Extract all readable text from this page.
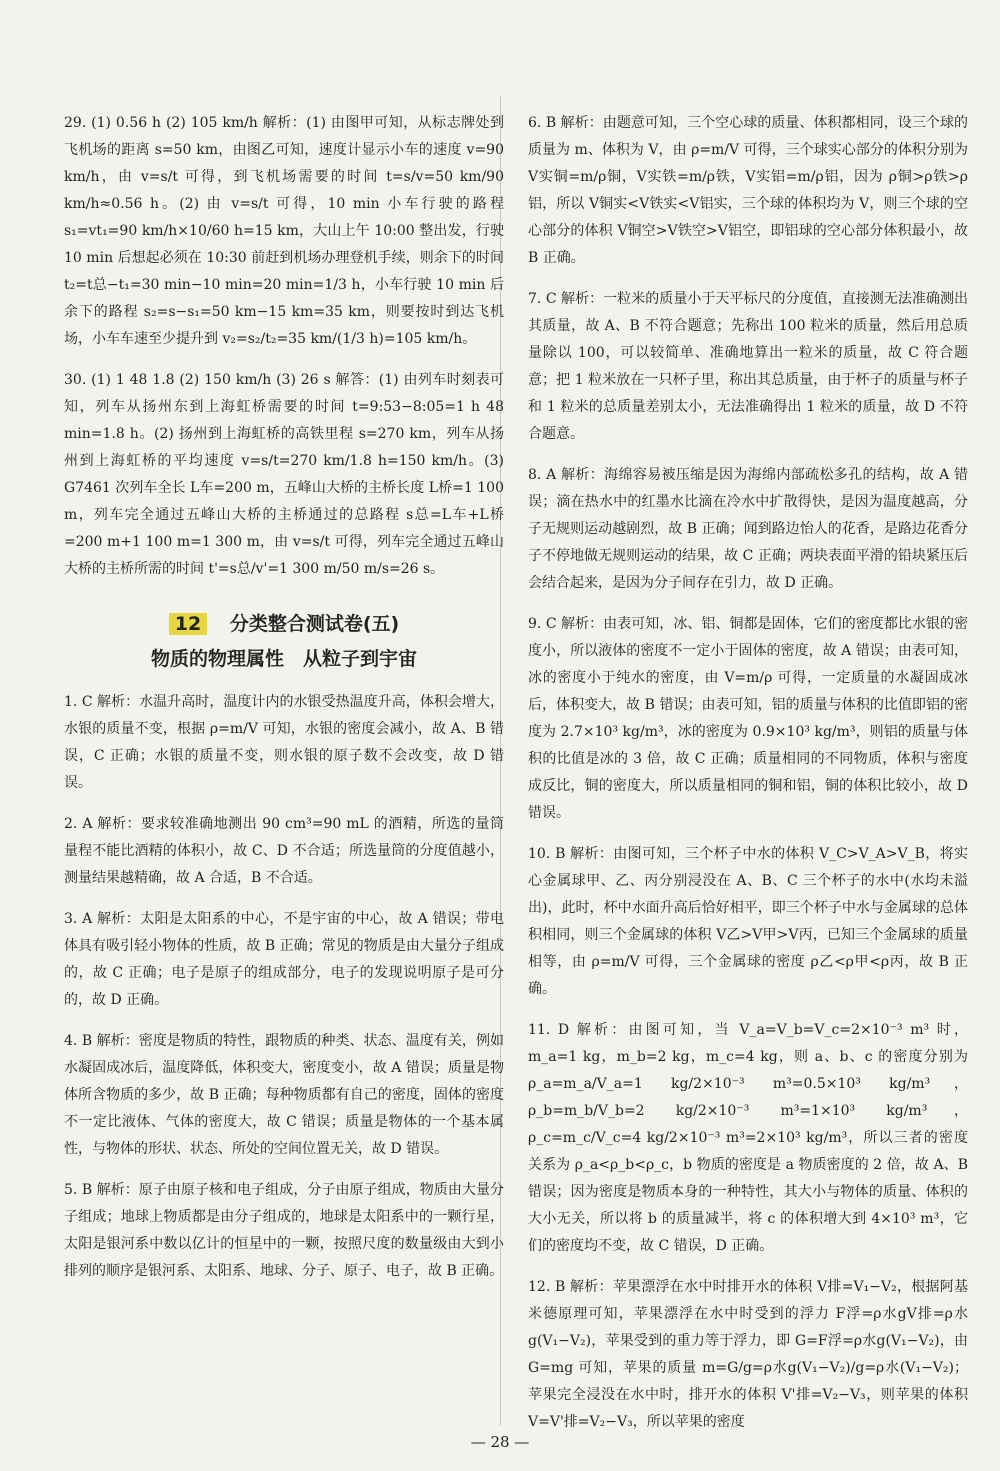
29. (1) 0.56 h (2) 105 km/h 解析：(1) 由图甲可知，从标志牌处到飞机场的距离 s=50 km，由图乙可知，速度计显示小车的速度 v=90 km/h，由 v=s/t 可得，到飞机场需要的时间 t=s/v=50 km/90 km/h≈0.56 h。(2) 由 v=s/t 可得，10 min 小车行驶的路程 s₁=vt₁=90 km/h×10/60 h=15 km，大山上午 10:00 整出发，行驶 10 min 后想起必须在 10:30 前赶到机场办理登机手续，则余下的时间 t₂=t总−t₁=30 min−10 min=20 min=1/3 h，小车行驶 10 min 后余下的路程 s₂=s−s₁=50 km−15 km=35 km，则要按时到达飞机场，小车车速至少提升到 v₂=s₂/t₂=35 km/(1/3 h)=105 km/h。

30. (1) 1 48 1.8 (2) 150 km/h (3) 26 s 解答：(1) 由列车时刻表可知，列车从扬州东到上海虹桥需要的时间 t=9:53−8:05=1 h 48 min=1.8 h。(2) 扬州到上海虹桥的高铁里程 s=270 km，列车从扬州到上海虹桥的平均速度 v=s/t=270 km/1.8 h=150 km/h。(3) G7461 次列车全长 L车=200 m，五峰山大桥的主桥长度 L桥=1 100 m，列车完全通过五峰山大桥的主桥通过的总路程 s总=L车+L桥=200 m+1 100 m=1 300 m，由 v=s/t 可得，列车完全通过五峰山大桥的主桥所需的时间 t'=s总/v'=1 300 m/50 m/s=26 s。

12 分类整合测试卷(五)
物质的物理属性　从粒子到宇宙

1. C 解析：水温升高时，温度计内的水银受热温度升高，体积会增大，水银的质量不变，根据 ρ=m/V 可知，水银的密度会减小，故 A、B 错误，C 正确；水银的质量不变，则水银的原子数不会改变，故 D 错误。

2. A 解析：要求较准确地测出 90 cm³=90 mL 的酒精，所选的量筒量程不能比酒精的体积小，故 C、D 不合适；所选量筒的分度值越小，测量结果越精确，故 A 合适，B 不合适。

3. A 解析：太阳是太阳系的中心，不是宇宙的中心，故 A 错误；带电体具有吸引轻小物体的性质，故 B 正确；常见的物质是由大量分子组成的，故 C 正确；电子是原子的组成部分，电子的发现说明原子是可分的，故 D 正确。

4. B 解析：密度是物质的特性，跟物质的种类、状态、温度有关，例如水凝固成冰后，温度降低，体积变大，密度变小，故 A 错误；质量是物体所含物质的多少，故 B 正确；每种物质都有自己的密度，固体的密度不一定比液体、气体的密度大，故 C 错误；质量是物体的一个基本属性，与物体的形状、状态、所处的空间位置无关，故 D 错误。

5. B 解析：原子由原子核和电子组成，分子由原子组成，物质由大量分子组成；地球上物质都是由分子组成的，地球是太阳系中的一颗行星，太阳是银河系中数以亿计的恒星中的一颗，按照尺度的数量级由大到小排列的顺序是银河系、太阳系、地球、分子、原子、电子，故 B 正确。

6. B 解析：由题意可知，三个空心球的质量、体积都相同，设三个球的质量为 m、体积为 V，由 ρ=m/V 可得，三个球实心部分的体积分别为 V实铜=m/ρ铜，V实铁=m/ρ铁，V实铝=m/ρ铝，因为 ρ铜>ρ铁>ρ铝，所以 V铜实<V铁实<V铝实，三个球的体积均为 V，则三个球的空心部分的体积 V铜空>V铁空>V铝空，即铝球的空心部分体积最小，故 B 正确。

7. C 解析：一粒米的质量小于天平标尺的分度值，直接测无法准确测出其质量，故 A、B 不符合题意；先称出 100 粒米的质量，然后用总质量除以 100，可以较简单、准确地算出一粒米的质量，故 C 符合题意；把 1 粒米放在一只杯子里，称出其总质量，由于杯子的质量与杯子和 1 粒米的总质量差别太小，无法准确得出 1 粒米的质量，故 D 不符合题意。

8. A 解析：海绵容易被压缩是因为海绵内部疏松多孔的结构，故 A 错误；滴在热水中的红墨水比滴在冷水中扩散得快，是因为温度越高，分子无规则运动越剧烈，故 B 正确；闻到路边怡人的花香，是路边花香分子不停地做无规则运动的结果，故 C 正确；两块表面平滑的铅块紧压后会结合起来，是因为分子间存在引力，故 D 正确。

9. C 解析：由表可知，冰、铝、铜都是固体，它们的密度都比水银的密度小，所以液体的密度不一定小于固体的密度，故 A 错误；由表可知，冰的密度小于纯水的密度，由 V=m/ρ 可得，一定质量的水凝固成冰后，体积变大，故 B 错误；由表可知，铝的质量与体积的比值即铝的密度为 2.7×10³ kg/m³，冰的密度为 0.9×10³ kg/m³，则铝的质量与体积的比值是冰的 3 倍，故 C 正确；质量相同的不同物质，体积与密度成反比，铜的密度大，所以质量相同的铜和铝，铜的体积比较小，故 D 错误。

10. B 解析：由图可知，三个杯子中水的体积 V_C>V_A>V_B，将实心金属球甲、乙、丙分别浸没在 A、B、C 三个杯子的水中(水均未溢出)，此时，杯中水面升高后恰好相平，即三个杯子中水与金属球的总体积相同，则三个金属球的体积 V乙>V甲>V丙，已知三个金属球的质量相等，由 ρ=m/V 可得，三个金属球的密度 ρ乙<ρ甲<ρ丙，故 B 正确。

11. D 解析：由图可知，当 V_a=V_b=V_c=2×10⁻³ m³ 时，m_a=1 kg，m_b=2 kg，m_c=4 kg，则 a、b、c 的密度分别为 ρ_a=m_a/V_a=1 kg/2×10⁻³ m³=0.5×10³ kg/m³，ρ_b=m_b/V_b=2 kg/2×10⁻³ m³=1×10³ kg/m³，ρ_c=m_c/V_c=4 kg/2×10⁻³ m³=2×10³ kg/m³，所以三者的密度关系为 ρ_a<ρ_b<ρ_c，b 物质的密度是 a 物质密度的 2 倍，故 A、B 错误；因为密度是物质本身的一种特性，其大小与物体的质量、体积的大小无关，所以将 b 的质量减半，将 c 的体积增大到 4×10³ m³，它们的密度均不变，故 C 错误，D 正确。

12. B 解析：苹果漂浮在水中时排开水的体积 V排=V₁−V₂，根据阿基米德原理可知，苹果漂浮在水中时受到的浮力 F浮=ρ水gV排=ρ水g(V₁−V₂)，苹果受到的重力等于浮力，即 G=F浮=ρ水g(V₁−V₂)，由 G=mg 可知，苹果的质量 m=G/g=ρ水g(V₁−V₂)/g=ρ水(V₁−V₂)；苹果完全浸没在水中时，排开水的体积 V'排=V₂−V₃，则苹果的体积 V=V'排=V₂−V₃，所以苹果的密度

— 28 —
